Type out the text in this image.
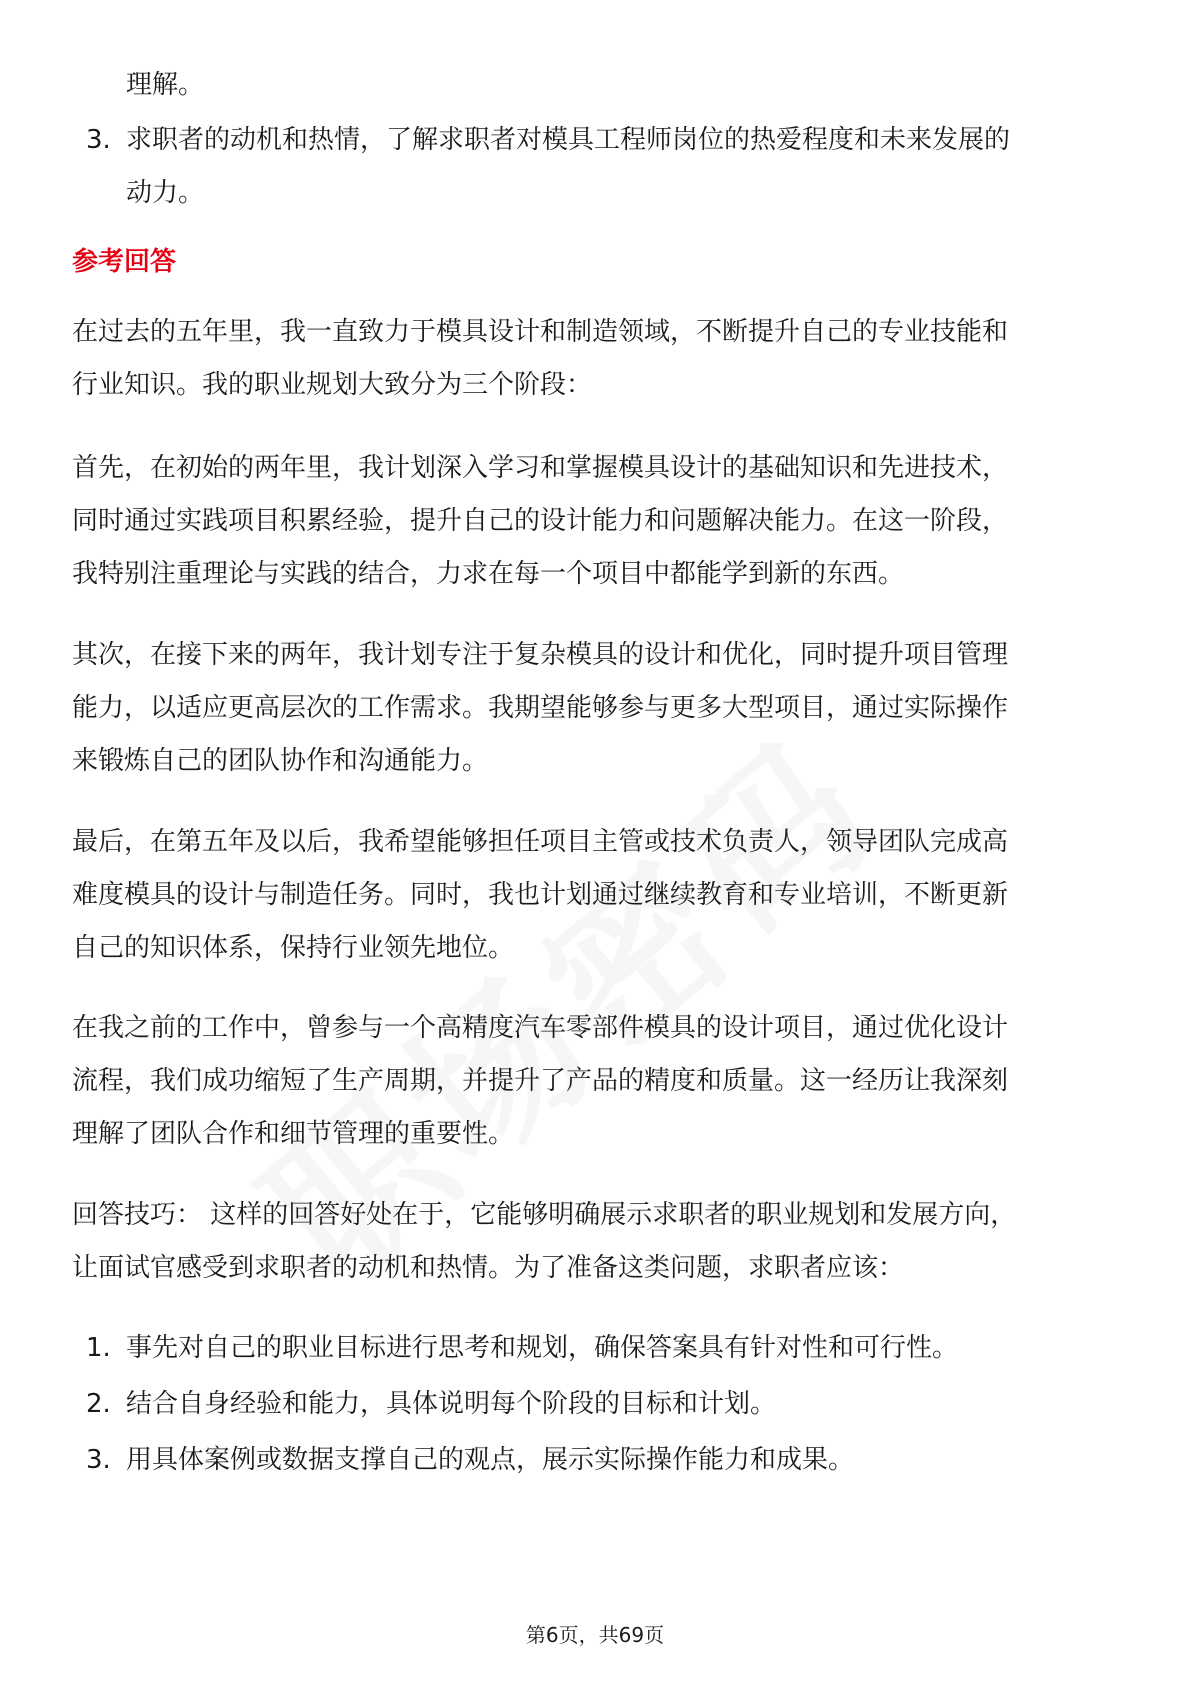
理解。
3. 求职者的动机和热情，了解求职者对模具工程师岗位的热爱程度和未来发展的
动力。
参考回答
在过去的五年里，我一直致力于模具设计和制造领域，不断提升自己的专业技能和
行业知识。我的职业规划大致分为三个阶段：
首先，在初始的两年里，我计划深入学习和掌握模具设计的基础知识和先进技术，
同时通过实践项目积累经验，提升自己的设计能力和问题解决能力。在这一阶段，
我特别注重理论与实践的结合，力求在每一个项目中都能学到新的东西。
其次，在接下来的两年，我计划专注于复杂模具的设计和优化，同时提升项目管理
能力，以适应更高层次的工作需求。我期望能够参与更多大型项目，通过实际操作
来锻炼自己的团队协作和沟通能力。
最后，在第五年及以后，我希望能够担任项目主管或技术负责人，领导团队完成高
难度模具的设计与制造任务。同时，我也计划通过继续教育和专业培训，不断更新
自己的知识体系，保持行业领先地位。
在我之前的工作中，曾参与一个高精度汽车零部件模具的设计项目，通过优化设计
流程，我们成功缩短了生产周期，并提升了产品的精度和质量。这一经历让我深刻
理解了团队合作和细节管理的重要性。
回答技巧： 这样的回答好处在于，它能够明确展示求职者的职业规划和发展方向，
让面试官感受到求职者的动机和热情。为了准备这类问题，求职者应该：
1. 事先对自己的职业目标进行思考和规划，确保答案具有针对性和可行性。
2. 结合自身经验和能力，具体说明每个阶段的目标和计划。
3. 用具体案例或数据支撑自己的观点，展示实际操作能力和成果。
第6页，共69页
